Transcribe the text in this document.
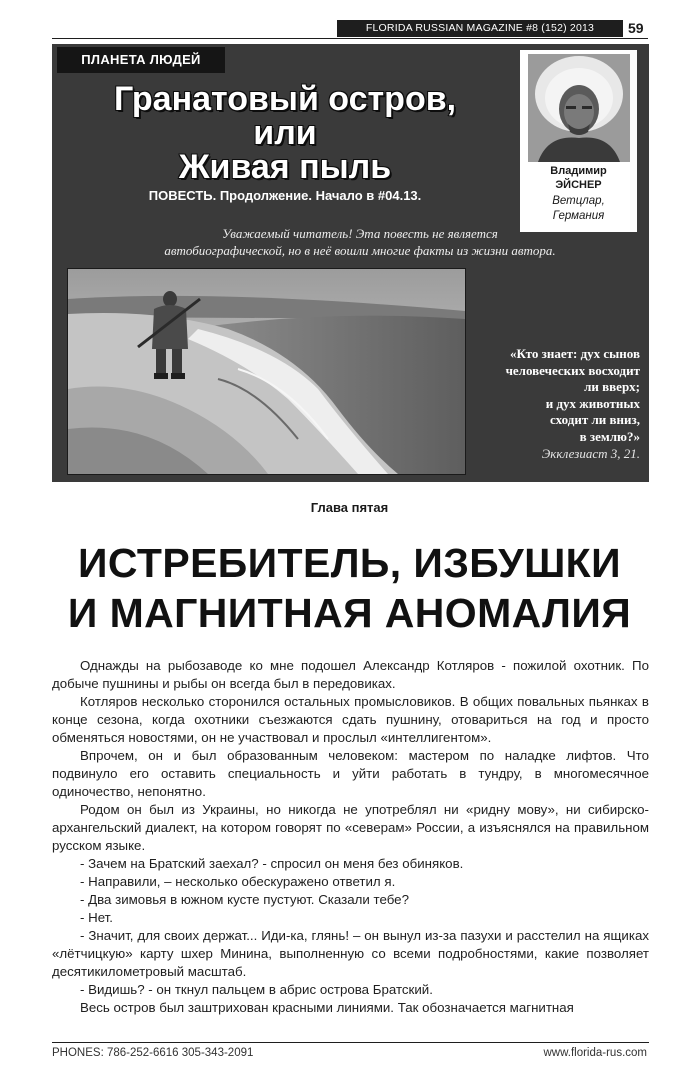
FLORIDA RUSSIAN MAGAZINE #8 (152) 2013	59
ПЛАНЕТА ЛЮДЕЙ
Гранатовый остров,
или
Живая пыль
ПОВЕСТЬ. Продолжение. Начало в #04.13.
Уважаемый читатель! Эта повесть не является
автобиографической, но в неё вошли многие факты из жизни автора.
Владимир
ЭЙСНЕР
Ветцлар,
Германия
«Кто знает: дух сынов
человеческих восходит
ли вверх;
и дух животных
сходит ли вниз,
в землю?»
Экклезиаст 3, 21.
Глава пятая
ИСТРЕБИТЕЛЬ, ИЗБУШКИ
И МАГНИТНАЯ АНОМАЛИЯ

Однажды на рыбозаводе ко мне подошел Александр Котляров - пожилой охотник. По добыче пушнины и рыбы он всегда был в передовиках.

Котляров несколько сторонился остальных промысловиков. В общих повальных пьянках в конце сезона, когда охотники съезжаются сдать пушнину, отовариться на год и просто обменяться новостями, он не участвовал и прослыл «интеллигентом».

Впрочем, он и был образованным человеком: мастером по наладке лифтов. Что подвинуло его оставить специальность и уйти работать в тундру, в многомесячное одиночество, непонятно.

Родом он был из Украины, но никогда не употреблял ни «ридну мову», ни сибирско-архангельский диалект, на котором говорят по «северам» России, а изъяснялся на правильном русском языке.

- Зачем на Братский заехал? - спросил он меня без обиняков.

- Направили, – несколько обескуражено ответил я.

- Два зимовья в южном кусте пустуют. Сказали тебе?

- Нет.

- Значит, для своих держат... Иди-ка, глянь! – он вынул из-за пазухи и расстелил на ящиках «лётчицкую» карту шхер Минина, выполненную со всеми подробностями, какие позволяет десятикилометровый масштаб.

- Видишь? - он ткнул пальцем в абрис острова Братский.

Весь остров был заштрихован красными линиями. Так обозначается магнитная

PHONES: 786-252-6616 305-343-2091	www.florida-rus.com
